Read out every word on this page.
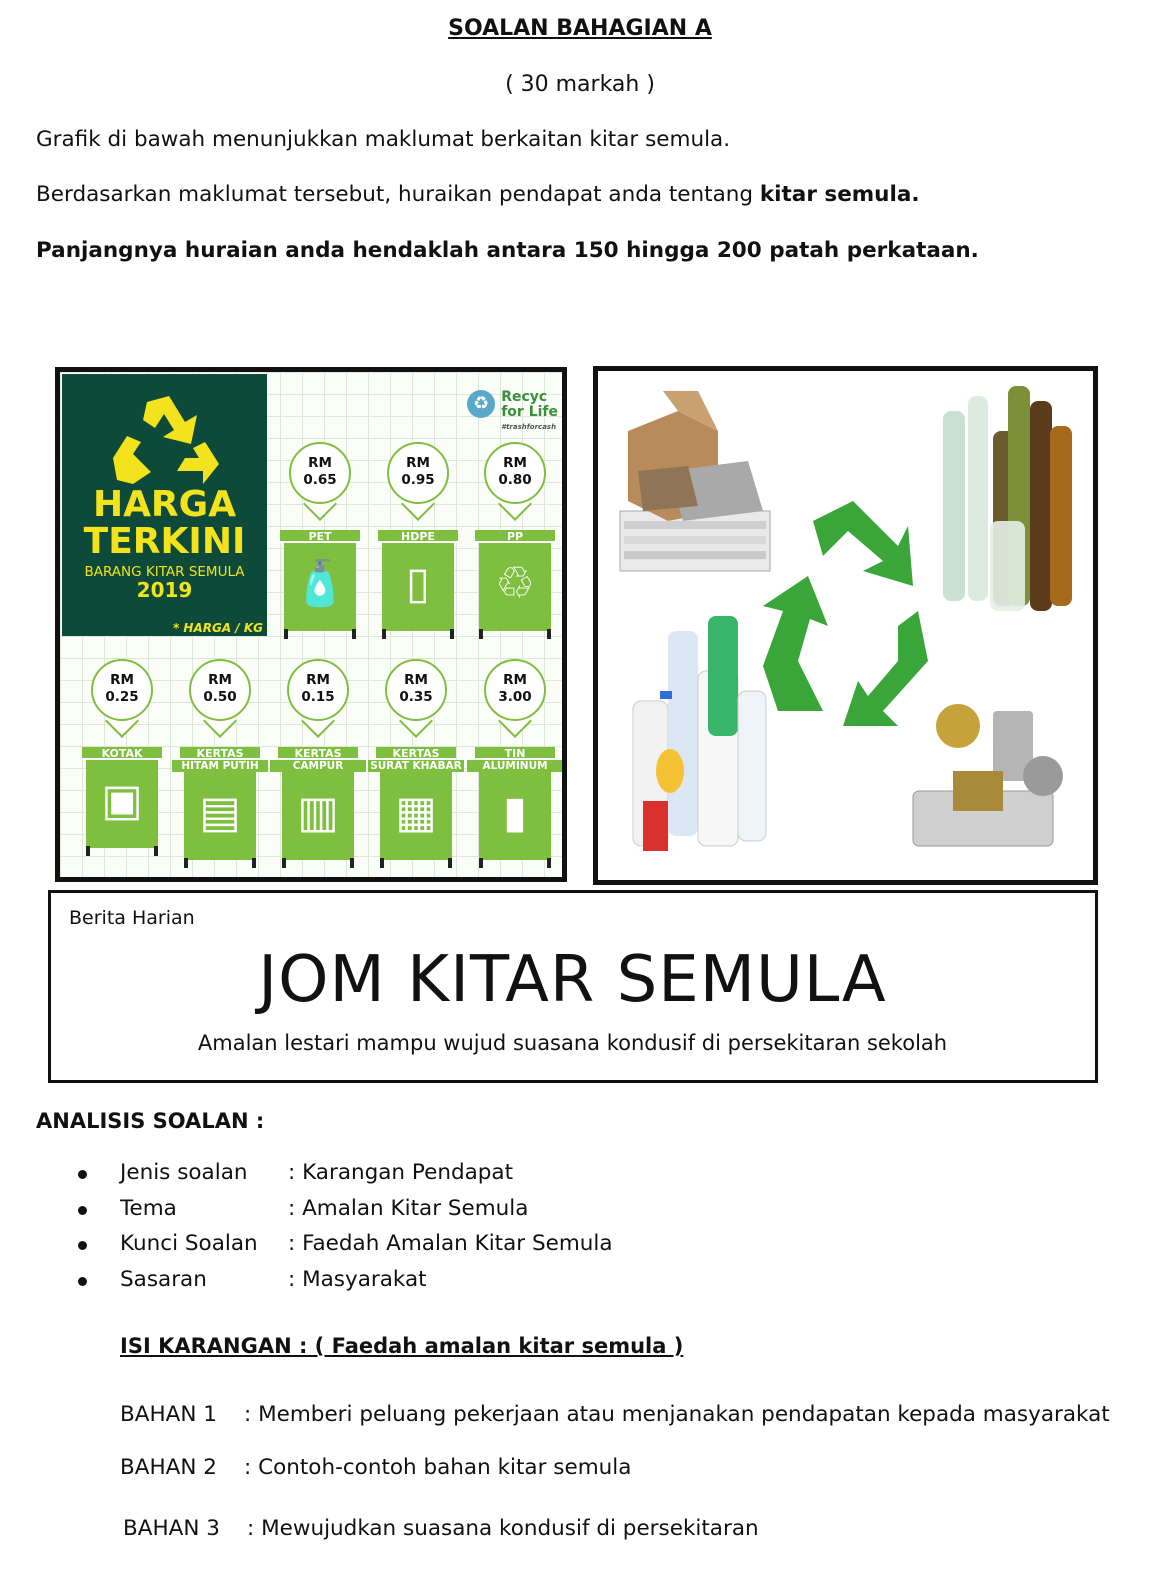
SOALAN BAHAGIAN A
( 30 markah )
Grafik di bawah menunjukkan maklumat berkaitan kitar semula.
Berdasarkan maklumat tersebut, huraikan pendapat anda tentang kitar semula.
Panjangnya huraian anda hendaklah antara 150 hingga 200 patah perkataan.
HARGA
TERKINI
BARANG KITAR SEMULA
2019
* HARGA / KG
♻ Recyc
for Life
#trashforcash
RM
0.65
PET
🧴
RM
0.95
HDPE
▯
RM
0.80
PP
♲
RM
0.25
KOTAK
▣
RM
0.50
KERTAS
HITAM PUTIH
▤
RM
0.15
KERTAS
CAMPUR
▥
RM
0.35
KERTAS
SURAT KHABAR
▦
RM
3.00
TIN
ALUMINUM
▮
Berita Harian
JOM KITAR SEMULA
Amalan lestari mampu wujud suasana kondusif di persekitaran sekolah
ANALISIS SOALAN :
Jenis soalan : Karangan Pendapat
Tema	: Amalan Kitar Semula
Kunci Soalan : Faedah Amalan Kitar Semula
Sasaran	: Masyarakat
ISI KARANGAN : ( Faedah amalan kitar semula )
BAHAN 1 : Memberi peluang pekerjaan atau menjanakan pendapatan kepada masyarakat
BAHAN 2 : Contoh-contoh bahan kitar semula
BAHAN 3 : Mewujudkan suasana kondusif di persekitaran
